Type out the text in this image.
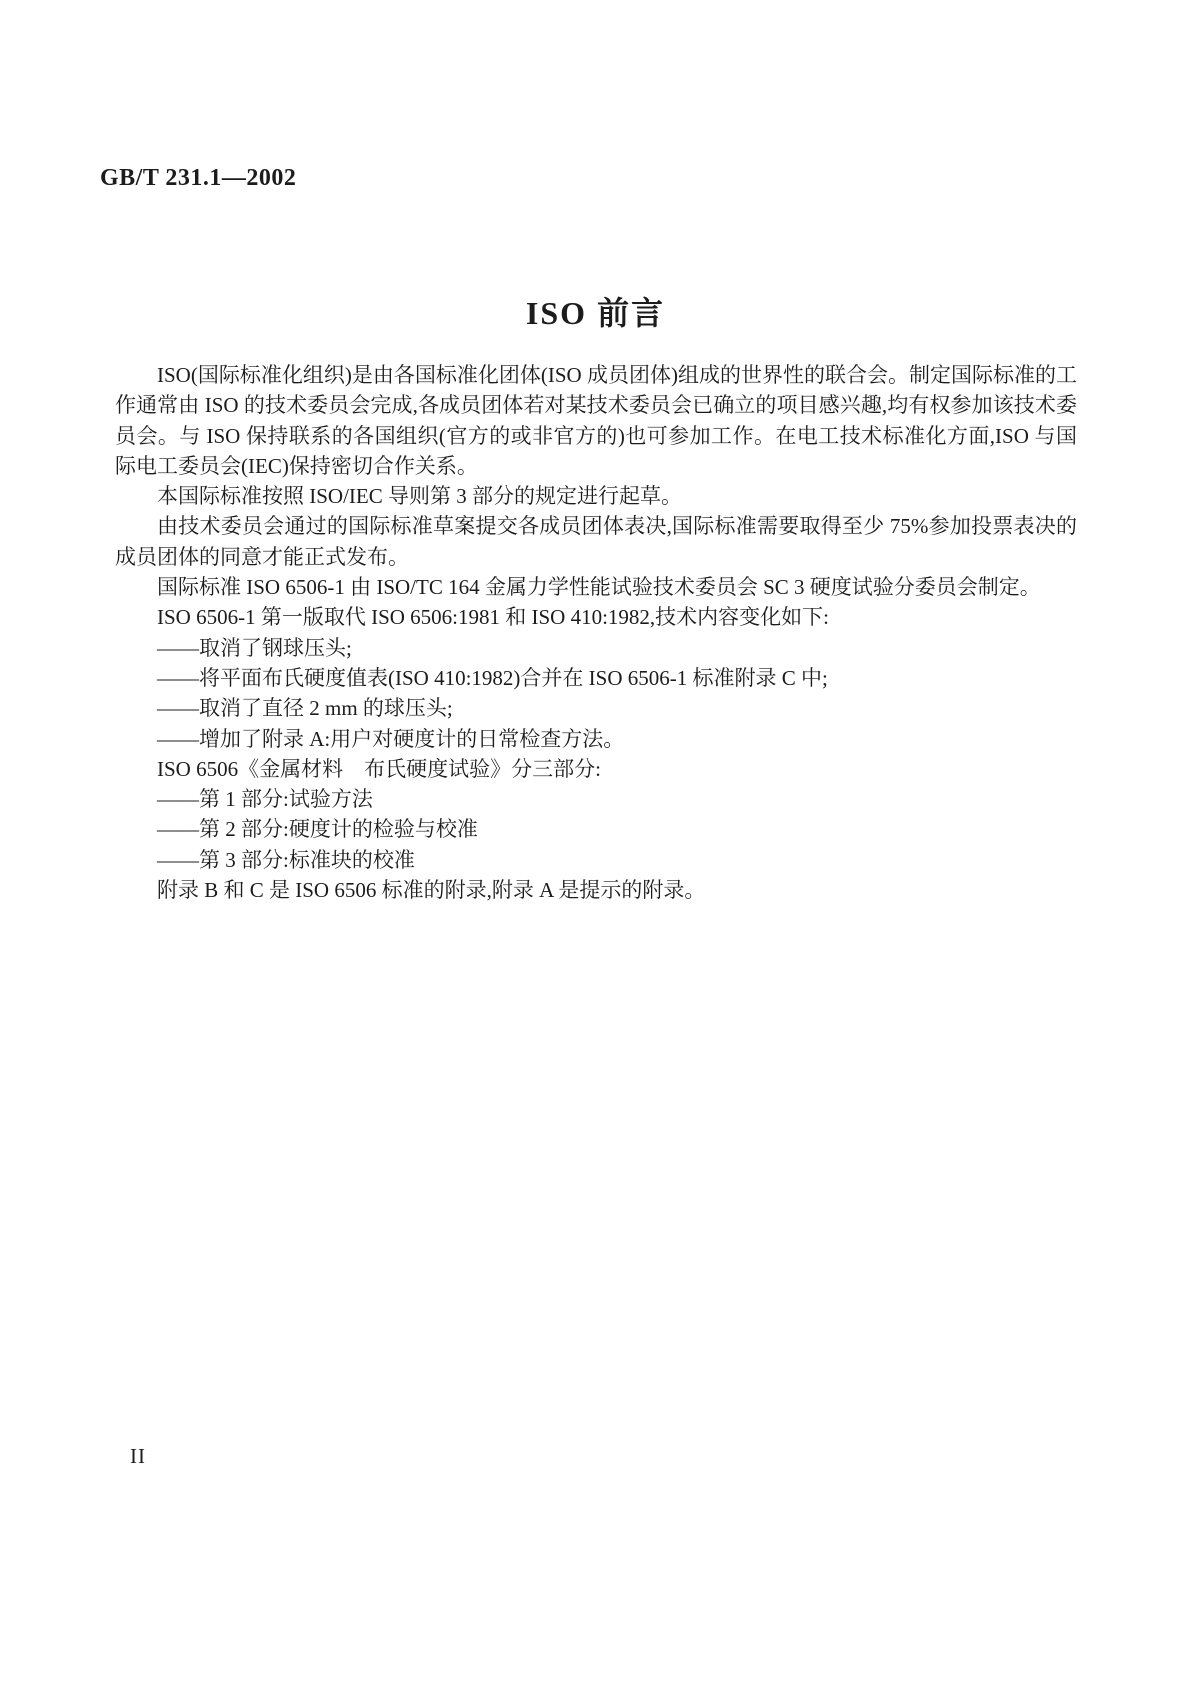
GB/T 231.1—2002
ISO 前言

ISO(国际标准化组织)是由各国标准化团体(ISO 成员团体)组成的世界性的联合会。制定国际标准的工作通常由 ISO 的技术委员会完成,各成员团体若对某技术委员会已确立的项目感兴趣,均有权参加该技术委员会。与 ISO 保持联系的各国组织(官方的或非官方的)也可参加工作。在电工技术标准化方面,ISO 与国际电工委员会(IEC)保持密切合作关系。

本国际标准按照 ISO/IEC 导则第 3 部分的规定进行起草。

由技术委员会通过的国际标准草案提交各成员团体表决,国际标准需要取得至少 75%参加投票表决的成员团体的同意才能正式发布。

国际标准 ISO 6506-1 由 ISO/TC 164 金属力学性能试验技术委员会 SC 3 硬度试验分委员会制定。

ISO 6506-1 第一版取代 ISO 6506:1981 和 ISO 410:1982,技术内容变化如下:

——取消了钢球压头;

——将平面布氏硬度值表(ISO 410:1982)合并在 ISO 6506-1 标准附录 C 中;

——取消了直径 2 mm 的球压头;

——增加了附录 A:用户对硬度计的日常检查方法。

ISO 6506《金属材料　布氏硬度试验》分三部分:

——第 1 部分:试验方法

——第 2 部分:硬度计的检验与校准

——第 3 部分:标准块的校准

附录 B 和 C 是 ISO 6506 标准的附录,附录 A 是提示的附录。

II
